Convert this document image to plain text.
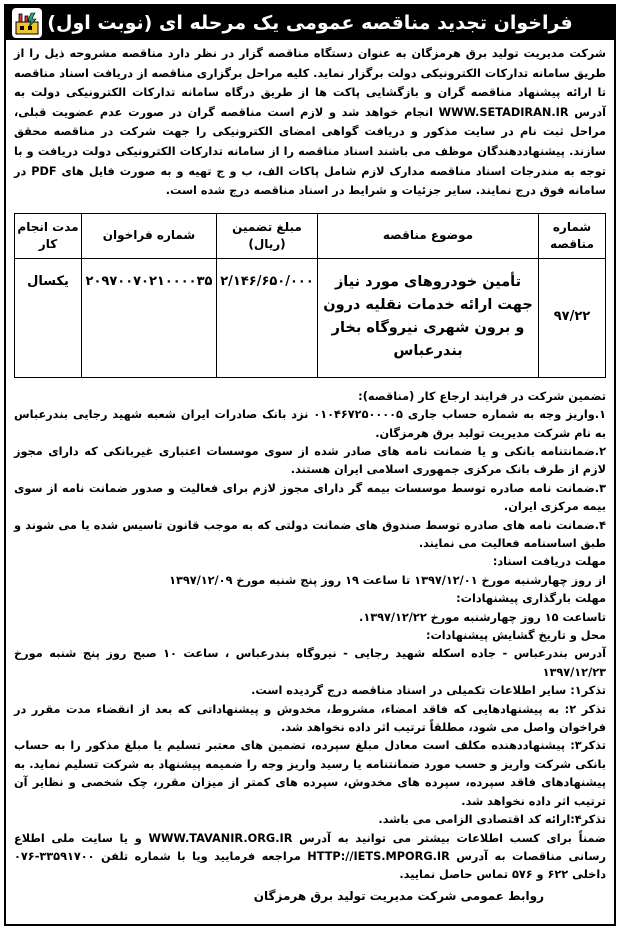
فراخوان تجدید مناقصه عمومی یک مرحله ای (نوبت اول)
شرکت مدیریت تولید برق هرمزگان به عنوان دستگاه مناقصه گزار در نظر دارد مناقصه مشروحه ذیل را از طریق سامانه تدارکات الکترونیکی دولت برگزار نماید. کلیه مراحل برگزاری مناقصه از دریافت اسناد مناقصه تا ارائه پیشنهاد مناقصه گران و بازگشایی پاکت ها از طریق درگاه سامانه تدارکات الکترونیکی دولت به آدرس WWW.SETADIRAN.IR انجام خواهد شد و لازم است مناقصه گران در صورت عدم عضویت قبلی، مراحل ثبت نام در سایت مذکور و دریافت گواهی امضای الکترونیکی را جهت شرکت در مناقصه محقق سازند. پیشنهاددهندگان موظف می باشند اسناد مناقصه را از سامانه تدارکات الکترونیکی دولت دریافت و با توجه به مندرجات اسناد مناقصه مدارک لازم شامل پاکات الف، ب و ج تهیه و به صورت فایل های PDF در سامانه فوق درج نمایند. سایر جزئیات و شرایط در اسناد مناقصه درج شده است.
شماره مناقصه	موضوع مناقصه	مبلغ تضمین (ریال)	شماره فراخوان	مدت انجام کار
۹۷/۲۲	تأمین خودروهای مورد نیاز جهت ارائه خدمات نقلیه درون و برون شهری نیروگاه بخار بندرعباس	۲/۱۴۶/۶۵۰/۰۰۰	۲۰۹۷۰۰۷۰۲۱۰۰۰۰۳۵	یکسال

تضمین شرکت در فرایند ارجاع کار (مناقصه):

۱.واریز وجه به شماره حساب جاری ۰۱۰۴۶۷۲۵۰۰۰۰۵ نزد بانک صادرات ایران شعبه شهید رجایی بندرعباس به نام شرکت مدیریت تولید برق هرمزگان.

۲.ضمانتنامه بانکی و یا ضمانت نامه های صادر شده از سوی موسسات اعتباری غیربانکی که دارای مجوز لازم از طرف بانک مرکزی جمهوری اسلامی ایران هستند.

۳.ضمانت نامه صادره توسط موسسات بیمه گر دارای مجوز لازم برای فعالیت و صدور ضمانت نامه از سوی بیمه مرکزی ایران.

۴.ضمانت نامه های صادره توسط صندوق های ضمانت دولتی که به موجب قانون تاسیس شده یا می شوند و طبق اساسنامه فعالیت می نمایند.

مهلت دریافت اسناد:

از روز چهارشنبه مورخ ۱۳۹۷/۱۲/۰۱ تا ساعت ۱۹ روز پنج شنبه مورخ ۱۳۹۷/۱۲/۰۹

مهلت بارگذاری پیشنهادات:

تاساعت ۱۵ روز چهارشنبه مورخ ۱۳۹۷/۱۲/۲۲.

محل و تاریخ گشایش پیشنهادات:

آدرس بندرعباس - جاده اسکله شهید رجایی - نیروگاه بندرعباس ، ساعت ۱۰ صبح روز پنج شنبه مورخ ۱۳۹۷/۱۲/۲۳

تذکر۱: سایر اطلاعات تکمیلی در اسناد مناقصه درج گردیده است.

تذکر ۲: به پیشنهادهایی که فاقد امضاء، مشروط، مخدوش و پیشنهاداتی که بعد از انقضاء مدت مقرر در فراخوان واصل می شود، مطلقاً ترتیب اثر داده نخواهد شد.

تذکر۳: پیشنهاددهنده مکلف است معادل مبلغ سپرده، تضمین های معتبر تسلیم یا مبلغ مذکور را به حساب بانکی شرکت واریز و حسب مورد ضمانتنامه یا رسید واریز وجه را ضمیمه پیشنهاد به شرکت تسلیم نماید. به پیشنهادهای فاقد سپرده، سپرده های مخدوش، سپرده های کمتر از میزان مقرر، چک شخصی و نظایر آن ترتیب اثر داده نخواهد شد.

تذکر۴:ارائه کد اقتصادی الزامی می باشد.

ضمناً برای کسب اطلاعات بیشتر می توانید به آدرس WWW.TAVANIR.ORG.IR و یا سایت ملی اطلاع رسانی مناقصات به آدرس HTTP://IETS.MPORG.IR مراجعه فرمایید ویا با شماره تلفن ۳۳۵۹۱۷۰۰-۰۷۶ داخلی ۶۲۲ و ۵۷۶ تماس حاصل نمایید.

روابط عمومی شرکت مدیریت تولید برق هرمزگان
